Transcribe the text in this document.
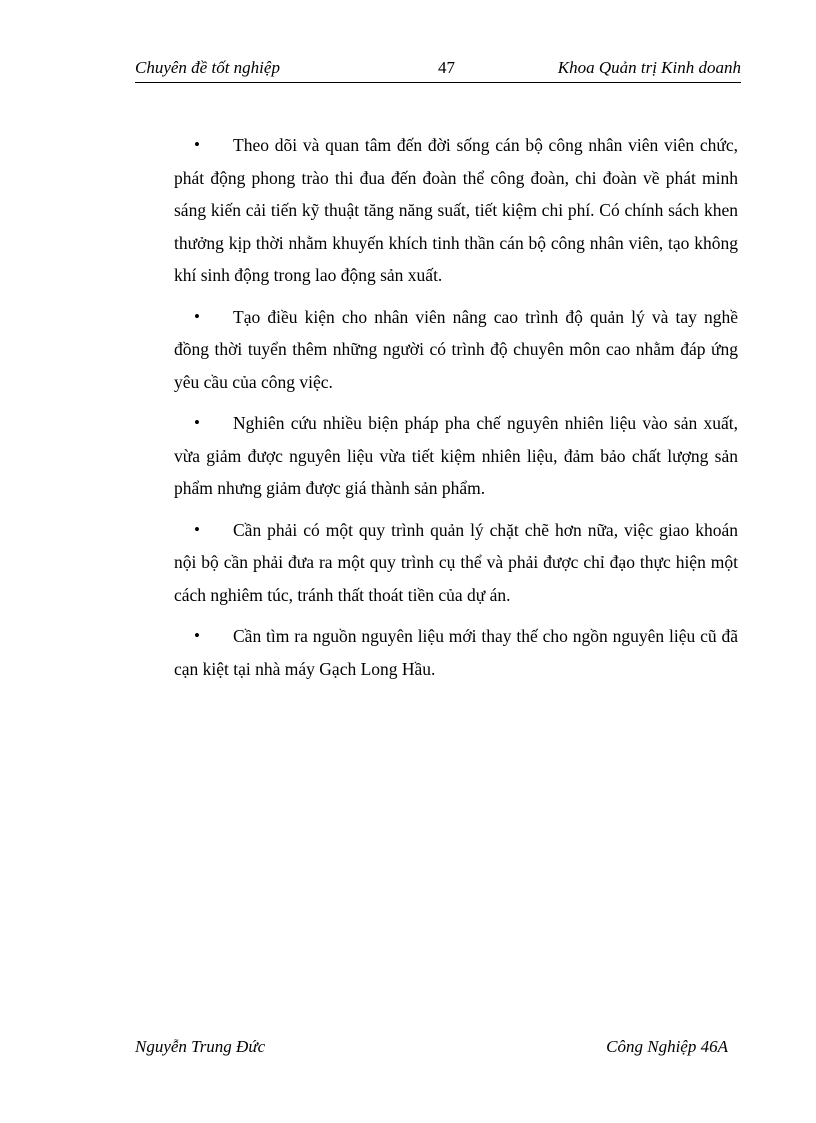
Chuyên đề tốt nghiệp	47	Khoa Quản trị Kinh doanh

• Theo dõi và quan tâm đến đời sống cán bộ công nhân viên viên chức, phát động phong trào thi đua đến đoàn thể công đoàn, chi đoàn về phát minh sáng kiến cải tiến kỹ thuật tăng năng suất, tiết kiệm chi phí. Có chính sách khen thưởng kịp thời nhằm khuyến khích tinh thần cán bộ công nhân viên, tạo không khí sinh động trong lao động sản xuất.

• Tạo điều kiện cho nhân viên nâng cao trình độ quản lý và tay nghề đồng thời tuyển thêm những người có trình độ chuyên môn cao nhằm đáp ứng yêu cầu của công việc.

• Nghiên cứu nhiều biện pháp pha chế nguyên nhiên liệu vào sản xuất, vừa giảm được nguyên liệu vừa tiết kiệm nhiên liệu, đảm bảo chất lượng sản phẩm nhưng giảm được giá thành sản phẩm.

• Cần phải có một quy trình quản lý chặt chẽ hơn nữa, việc giao khoán nội bộ cần phải đưa ra một quy trình cụ thể và phải được chỉ đạo thực hiện một cách nghiêm túc, tránh thất thoát tiền của dự án.

• Cần tìm ra nguồn nguyên liệu mới thay thế cho ngồn nguyên liệu cũ đã cạn kiệt tại nhà máy Gạch Long Hầu.

Nguyễn Trung Đức	Công Nghiệp 46A
